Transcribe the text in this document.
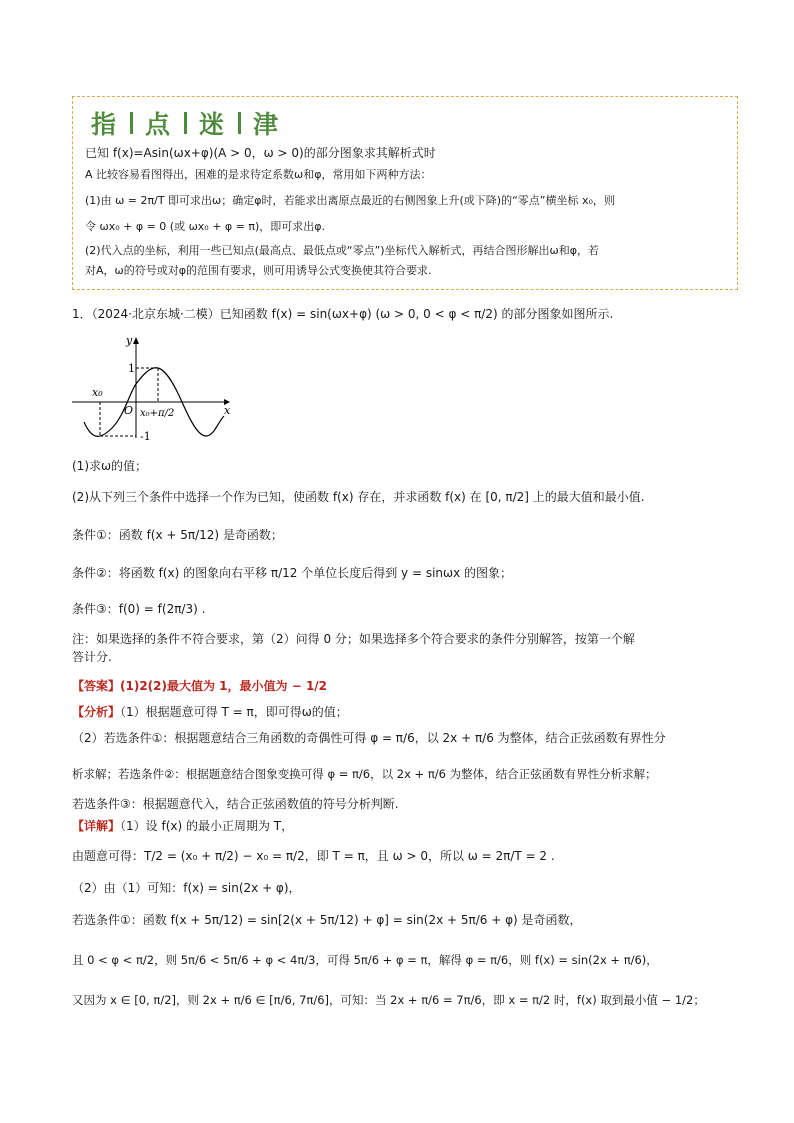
指 点 迷 津
已知 f(x)=Asin(ωx+φ)(A > 0，ω > 0)的部分图象求其解析式时
A 比较容易看图得出，困难的是求待定系数ω和φ，常用如下两种方法：
(1)由 ω = 2π/T 即可求出ω；确定φ时，若能求出离原点最近的右侧图象上升(或下降)的“零点”横坐标 x₀，则
令 ωx₀ + φ = 0 (或 ωx₀ + φ = π)，即可求出φ.
(2)代入点的坐标，利用一些已知点(最高点、最低点或“零点”)坐标代入解析式，再结合图形解出ω和φ，若
对A，ω的符号或对φ的范围有要求，则可用诱导公式变换使其符合要求.
1．（2024·北京东城·二模）已知函数 f(x) = sin(ωx+φ) (ω > 0, 0 < φ < π/2) 的部分图象如图所示.
y
x
O
1
-1
x₀
x₀+π/2
(1)求ω的值；
(2)从下列三个条件中选择一个作为已知，使函数 f(x) 存在，并求函数 f(x) 在 [0, π/2] 上的最大值和最小值.
条件①：函数 f(x + 5π/12) 是奇函数；
条件②：将函数 f(x) 的图象向右平移 π/12 个单位长度后得到 y = sinωx 的图象；
条件③：f(0) = f(2π/3) .
注：如果选择的条件不符合要求，第（2）问得 0 分；如果选择多个符合要求的条件分别解答，按第一个解
答计分.
【答案】(1)2(2)最大值为 1，最小值为 − 1/2
【分析】（1）根据题意可得 T = π，即可得ω的值；
（2）若选条件①：根据题意结合三角函数的奇偶性可得 φ = π/6，以 2x + π/6 为整体，结合正弦函数有界性分
析求解；若选条件②：根据题意结合图象变换可得 φ = π/6，以 2x + π/6 为整体，结合正弦函数有界性分析求解；
若选条件③：根据题意代入，结合正弦函数值的符号分析判断.
【详解】（1）设 f(x) 的最小正周期为 T，
由题意可得：T/2 = (x₀ + π/2) − x₀ = π/2，即 T = π，且 ω > 0，所以 ω = 2π/T = 2 .
（2）由（1）可知：f(x) = sin(2x + φ)，
若选条件①：函数 f(x + 5π/12) = sin[2(x + 5π/12) + φ] = sin(2x + 5π/6 + φ) 是奇函数，
且 0 < φ < π/2，则 5π/6 < 5π/6 + φ < 4π/3，可得 5π/6 + φ = π，解得 φ = π/6，则 f(x) = sin(2x + π/6)，
又因为 x ∈ [0, π/2]，则 2x + π/6 ∈ [π/6, 7π/6]，可知：当 2x + π/6 = 7π/6，即 x = π/2 时，f(x) 取到最小值 − 1/2；
